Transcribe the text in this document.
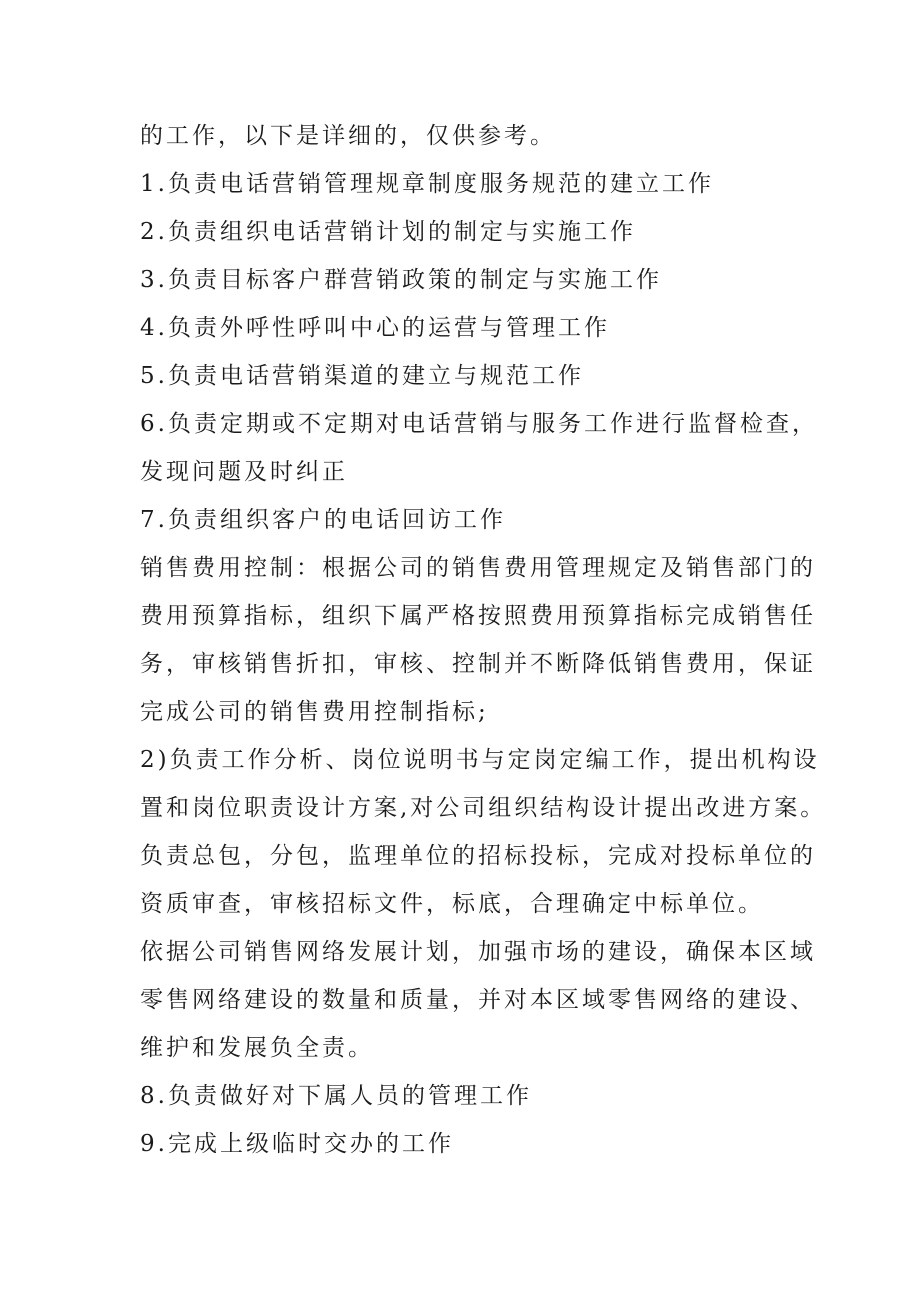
的工作，以下是详细的，仅供参考。
1.负责电话营销管理规章制度服务规范的建立工作
2.负责组织电话营销计划的制定与实施工作
3.负责目标客户群营销政策的制定与实施工作
4.负责外呼性呼叫中心的运营与管理工作
5.负责电话营销渠道的建立与规范工作
6.负责定期或不定期对电话营销与服务工作进行监督检查，
发现问题及时纠正
7.负责组织客户的电话回访工作
销售费用控制：根据公司的销售费用管理规定及销售部门的
费用预算指标，组织下属严格按照费用预算指标完成销售任
务，审核销售折扣，审核、控制并不断降低销售费用，保证
完成公司的销售费用控制指标;
2)负责工作分析、岗位说明书与定岗定编工作，提出机构设
置和岗位职责设计方案,对公司组织结构设计提出改进方案。
负责总包，分包，监理单位的招标投标，完成对投标单位的
资质审查，审核招标文件，标底，合理确定中标单位。
依据公司销售网络发展计划，加强市场的建设，确保本区域
零售网络建设的数量和质量，并对本区域零售网络的建设、
维护和发展负全责。
8.负责做好对下属人员的管理工作
9.完成上级临时交办的工作
